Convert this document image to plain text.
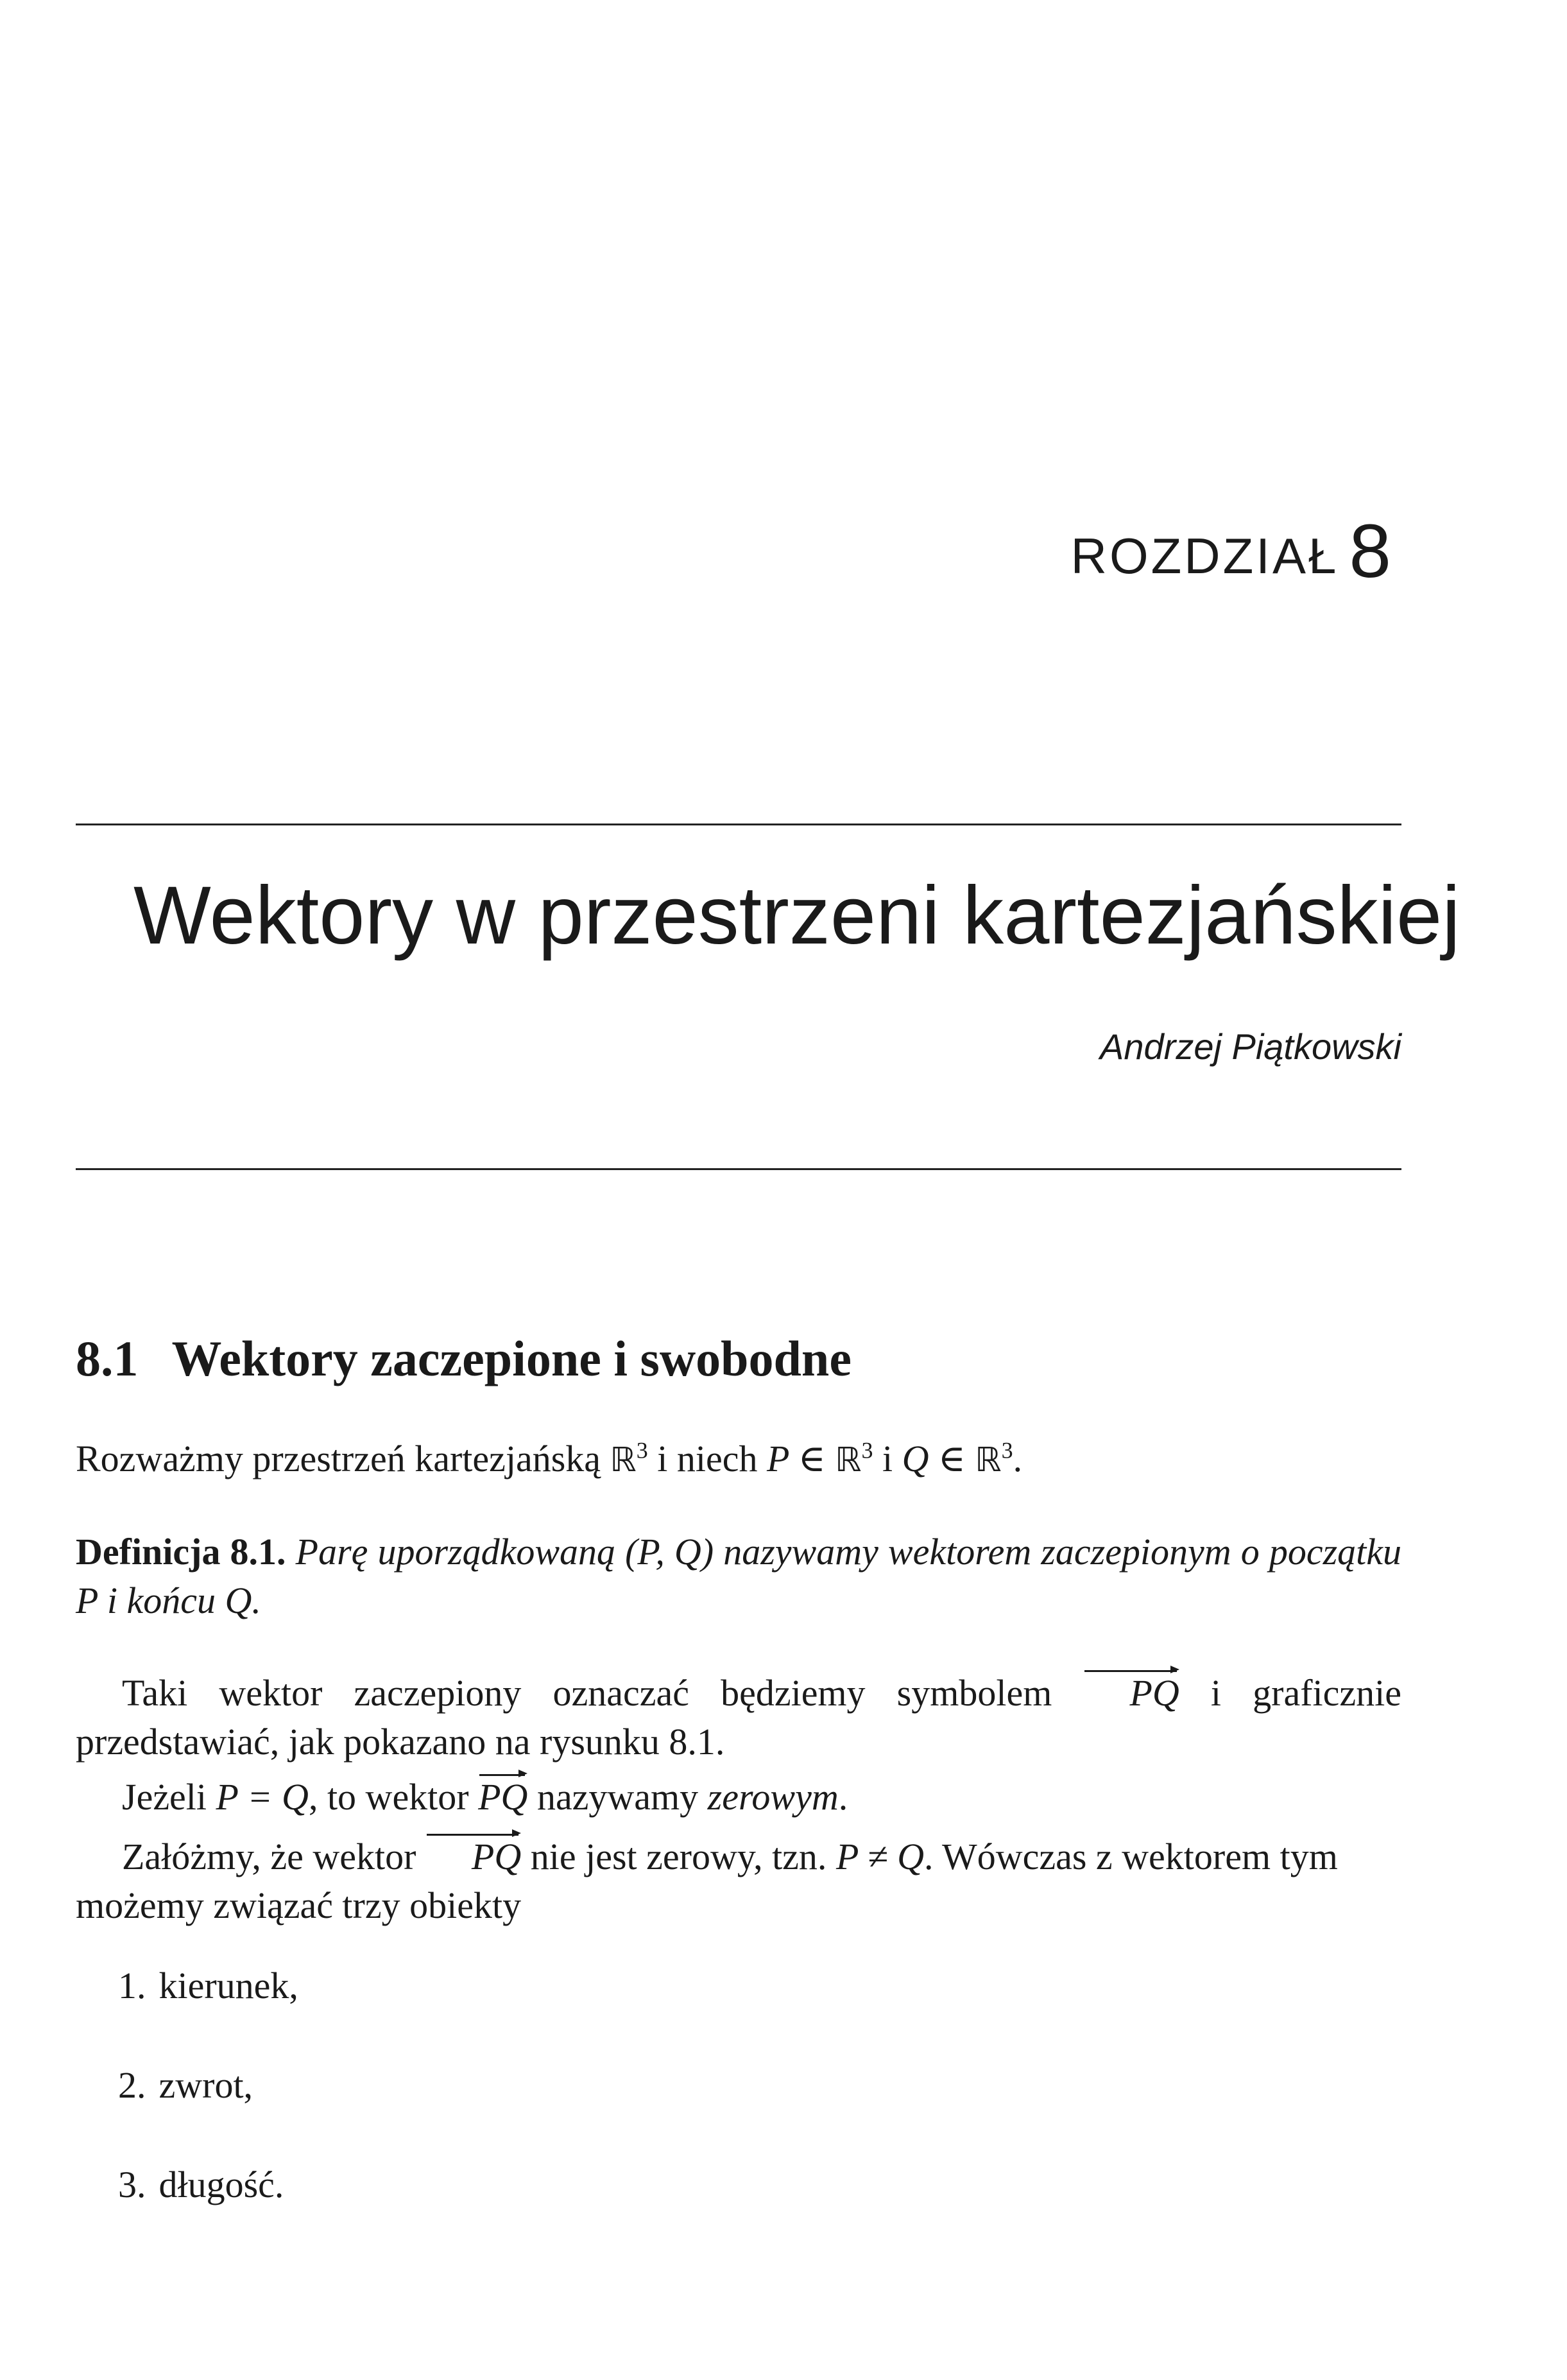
ROZDZIAŁ 8
Wektory w przestrzeni kartezjańskiej
Andrzej Piątkowski
8.1 Wektory zaczepione i swobodne
Rozważmy przestrzeń kartezjańską ℝ$^3$ i niech P ∈ ℝ$^3$ i Q ∈ ℝ$^3$.
Definicja 8.1. Parę uporządkowaną (P, Q) nazywamy wektorem zaczepionym o początku P i końcu Q.
Taki wektor zaczepiony oznaczać będziemy symbolem PQ i graficznie przedstawiać, jak pokazano na rysunku 8.1.
Jeżeli P = Q, to wektor PQ nazywamy zerowym.
Załóżmy, że wektor PQ nie jest zerowy, tzn. P ≠ Q. Wówczas z wektorem tym możemy związać trzy obiekty
1. kierunek,
2. zwrot,
3. długość.
